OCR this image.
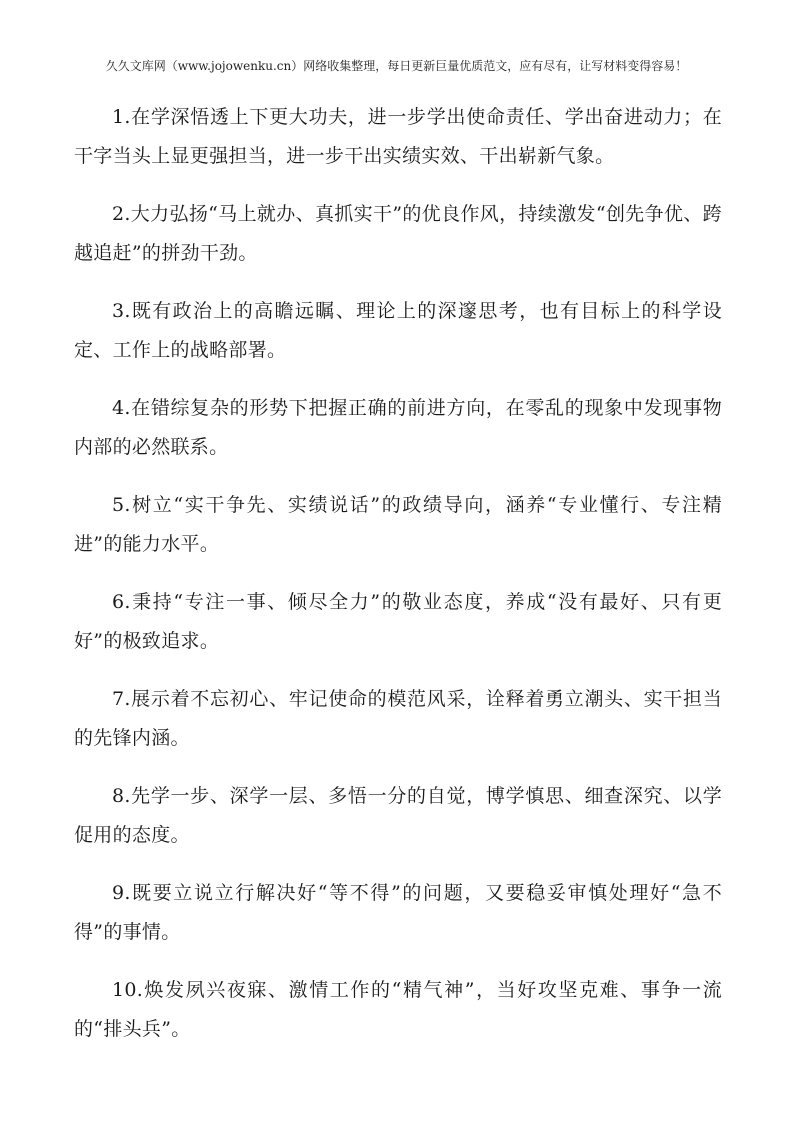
久久文库网（www.jojowenku.cn）网络收集整理，每日更新巨量优质范文，应有尽有，让写材料变得容易！

1.在学深悟透上下更大功夫，进一步学出使命责任、学出奋进动力；在干字当头上显更强担当，进一步干出实绩实效、干出崭新气象。

2.大力弘扬“马上就办、真抓实干”的优良作风，持续激发“创先争优、跨越追赶”的拼劲干劲。

3.既有政治上的高瞻远瞩、理论上的深邃思考，也有目标上的科学设定、工作上的战略部署。

4.在错综复杂的形势下把握正确的前进方向，在零乱的现象中发现事物内部的必然联系。

5.树立“实干争先、实绩说话”的政绩导向，涵养“专业懂行、专注精进”的能力水平。

6.秉持“专注一事、倾尽全力”的敬业态度，养成“没有最好、只有更好”的极致追求。

7.展示着不忘初心、牢记使命的模范风采，诠释着勇立潮头、实干担当的先锋内涵。

8.先学一步、深学一层、多悟一分的自觉，博学慎思、细查深究、以学促用的态度。

9.既要立说立行解决好“等不得”的问题，又要稳妥审慎处理好“急不得”的事情。

10.焕发夙兴夜寐、激情工作的“精气神”，当好攻坚克难、事争一流的“排头兵”。
